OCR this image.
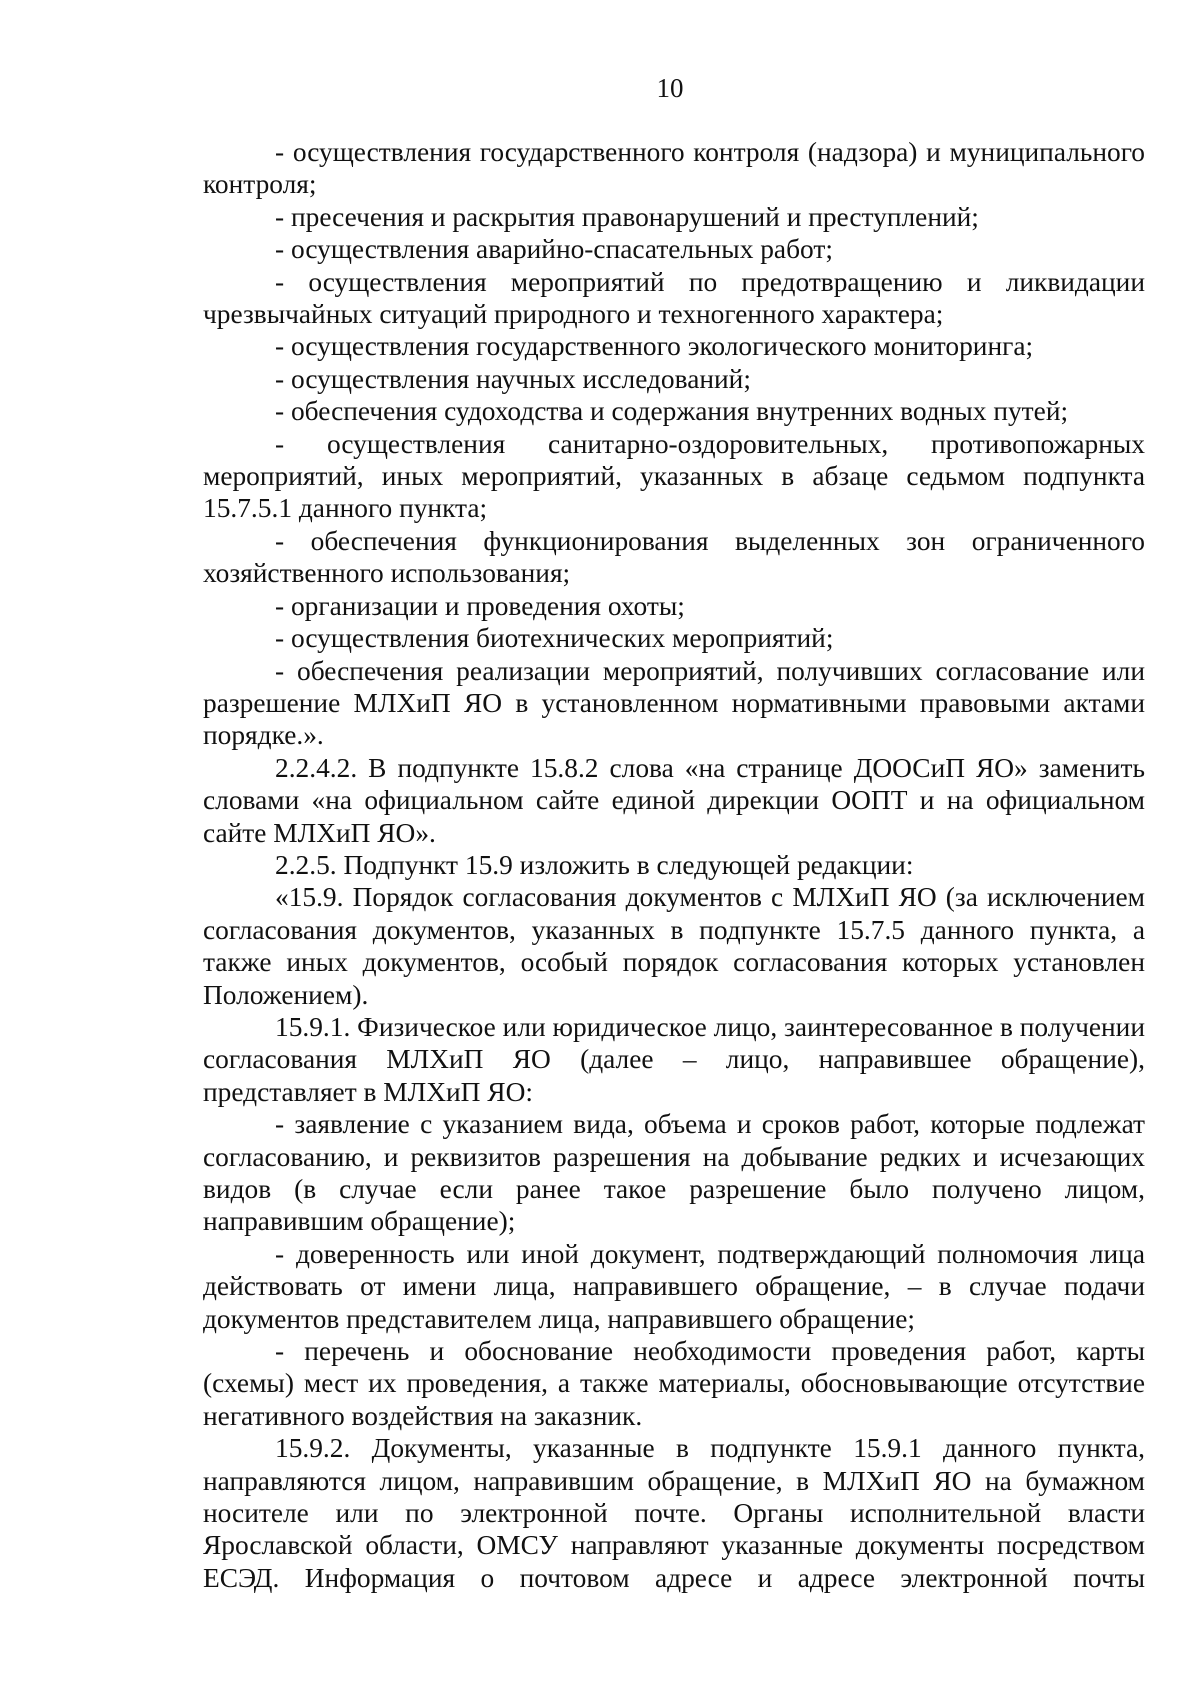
10

- осуществления государственного контроля (надзора) и муниципального контроля;

- пресечения и раскрытия правонарушений и преступлений;

- осуществления аварийно-спасательных работ;

- осуществления мероприятий по предотвращению и ликвидации чрезвычайных ситуаций природного и техногенного характера;

- осуществления государственного экологического мониторинга;

- осуществления научных исследований;

- обеспечения судоходства и содержания внутренних водных путей;

- осуществления санитарно-оздоровительных, противопожарных мероприятий, иных мероприятий, указанных в абзаце седьмом подпункта 15.7.5.1 данного пункта;

- обеспечения функционирования выделенных зон ограниченного хозяйственного использования;

- организации и проведения охоты;

- осуществления биотехнических мероприятий;

- обеспечения реализации мероприятий, получивших согласование или разрешение МЛХиП ЯО в установленном нормативными правовыми актами порядке.».

2.2.4.2. В подпункте 15.8.2 слова «на странице ДООСиП ЯО» заменить словами «на официальном сайте единой дирекции ООПТ и на официальном сайте МЛХиП ЯО».

2.2.5. Подпункт 15.9 изложить в следующей редакции:

«15.9. Порядок согласования документов с МЛХиП ЯО (за исключением согласования документов, указанных в подпункте 15.7.5 данного пункта, а также иных документов, особый порядок согласования которых установлен Положением).

15.9.1. Физическое или юридическое лицо, заинтересованное в получении согласования МЛХиП ЯО (далее – лицо, направившее обращение), представляет в МЛХиП ЯО:

- заявление с указанием вида, объема и сроков работ, которые подлежат согласованию, и реквизитов разрешения на добывание редких и исчезающих видов (в случае если ранее такое разрешение было получено лицом, направившим обращение);

- доверенность или иной документ, подтверждающий полномочия лица действовать от имени лица, направившего обращение, – в случае подачи документов представителем лица, направившего обращение;

- перечень и обоснование необходимости проведения работ, карты (схемы) мест их проведения, а также материалы, обосновывающие отсутствие негативного воздействия на заказник.

15.9.2. Документы, указанные в подпункте 15.9.1 данного пункта, направляются лицом, направившим обращение, в МЛХиП ЯО на бумажном носителе или по электронной почте. Органы исполнительной власти Ярославской области, ОМСУ направляют указанные документы посредством ЕСЭД. Информация о почтовом адресе и адресе электронной почты
